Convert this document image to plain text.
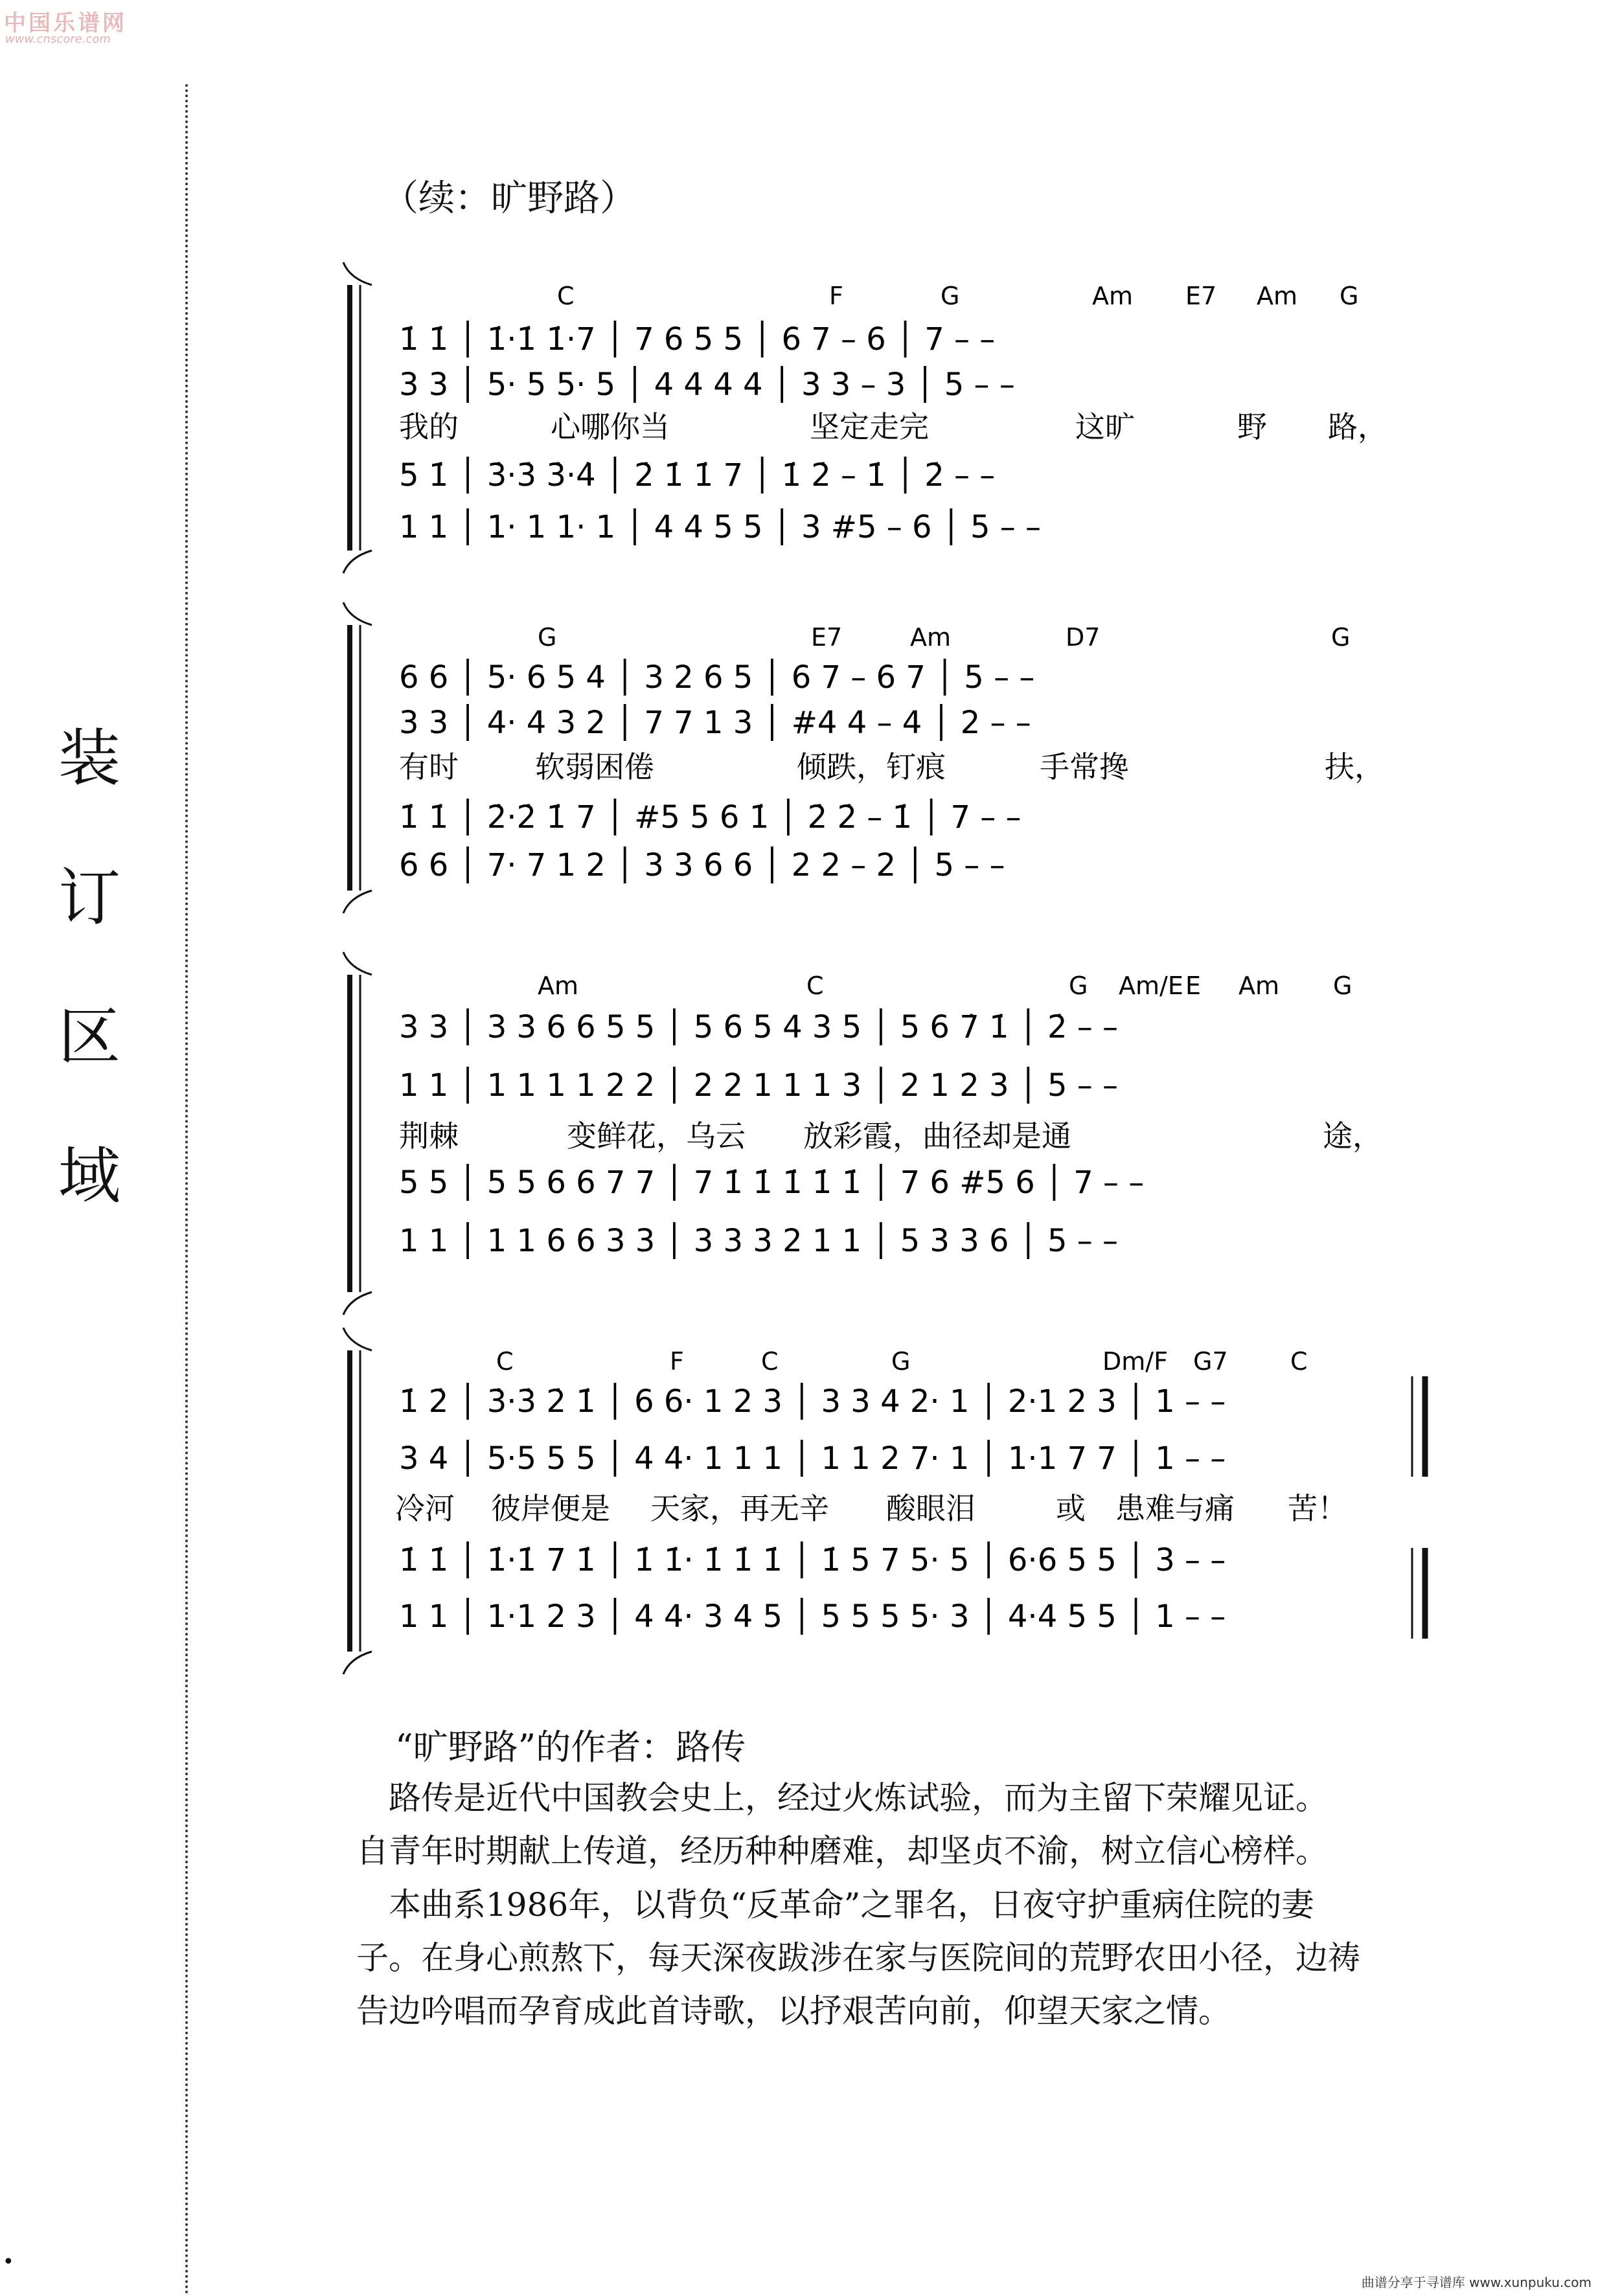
中国乐谱网
www.cnscore.com
装
订
区
域
（续：旷野路）
C	F	G	Am E7 Am G
1̇ 1̇ │ 1̇·1̇ 1̇·7 │ 7 6 5 5 │ 6 7 – 6 │ 7 – –
3 3 │ 5· 5 5· 5 │ 4 4 4 4 │ 3 3 – 3 │ 5 – –
5 1̇ │ 3̇·3̇ 3̇·4̇ │ 2̇ 1̇ 1̇ 7 │ 1̇ 2̇ – 1̇ │ 2̇ – –
1 1 │ 1· 1 1· 1 │ 4 4 5 5 │ 3 #5 – 6 │ 5 – –
我的	心哪你当	坚定走完	这旷	野 路，
G	E7	Am	D7	G
6 6 │ 5· 6 5 4 │ 3 2 6 5 │ 6 7 – 6 7 │ 5 – –
3 3 │ 4· 4 3 2 │ 7 7 1 3 │ #4 4 – 4 │ 2 – –
1̇ 1̇ │ 2̇·2̇ 1̇ 7 │ #5 5 6 1̇ │ 2̇ 2̇ – 1̇ │ 7 – –
6 6 │ 7· 7 1 2 │ 3 3 6 6 │ 2 2 – 2 │ 5 – –
有时	软弱困倦	倾跌，钉痕	手常搀	扶，
Am	C	G Am/E E Am G
3 3 │ 3 3 6 6 5 5 │ 5 6 5 4 3 5 │ 5 6 7̇ 1̇ │ 2̇ – –
1 1 │ 1 1 1 1 2 2 │ 2 2 1 1 1 3 │ 2 1 2 3 │ 5 – –
5 5 │ 5 5 6 6 7 7 │ 7 1̇ 1̇ 1̇ 1̇ 1̇ │ 7 6 #5 6 │ 7 – –
1 1 │ 1 1 6 6 3 3 │ 3 3 3 2 1 1 │ 5 3 3 6 │ 5 – –
荆棘	变鲜花，乌云 放彩霞，曲径却是通	途，
C	F	C	G	Dm/F G7	C
1̇ 2̇ │ 3̇·3̇ 2̇ 1̇ │ 6 6· 1 2 3 │ 3 3 4 2· 1 │ 2·1 2 3 │ 1 – –
3 4 │ 5·5 5 5 │ 4 4· 1 1 1 │ 1 1 2 7· 1 │ 1·1 7 7 │ 1 – –
1̇ 1̇ │ 1̇·1̇ 7 1̇ │ 1̇ 1̇· 1̇ 1̇ 1̇ │ 1̇ 5 7 5· 5 │ 6·6 5 5 │ 3 – –
1 1 │ 1·1 2 3 │ 4 4· 3 4 5 │ 5 5 5 5· 3 │ 4·4 5 5 │ 1 – –
冷河 彼岸便是 天家，再无辛 酸眼泪	或 患难与痛 苦！
“旷野路”的作者：路传
　路传是近代中国教会史上，经过火炼试验，而为主留下荣耀见证。
自青年时期献上传道，经历种种磨难，却坚贞不渝，树立信心榜样。
　本曲系1986年，以背负“反革命”之罪名，日夜守护重病住院的妻
子。在身心煎熬下，每天深夜跋涉在家与医院间的荒野农田小径，边祷
告边吟唱而孕育成此首诗歌，以抒艰苦向前，仰望天家之情。
•
曲谱分享于寻谱库 www.xunpuku.com
